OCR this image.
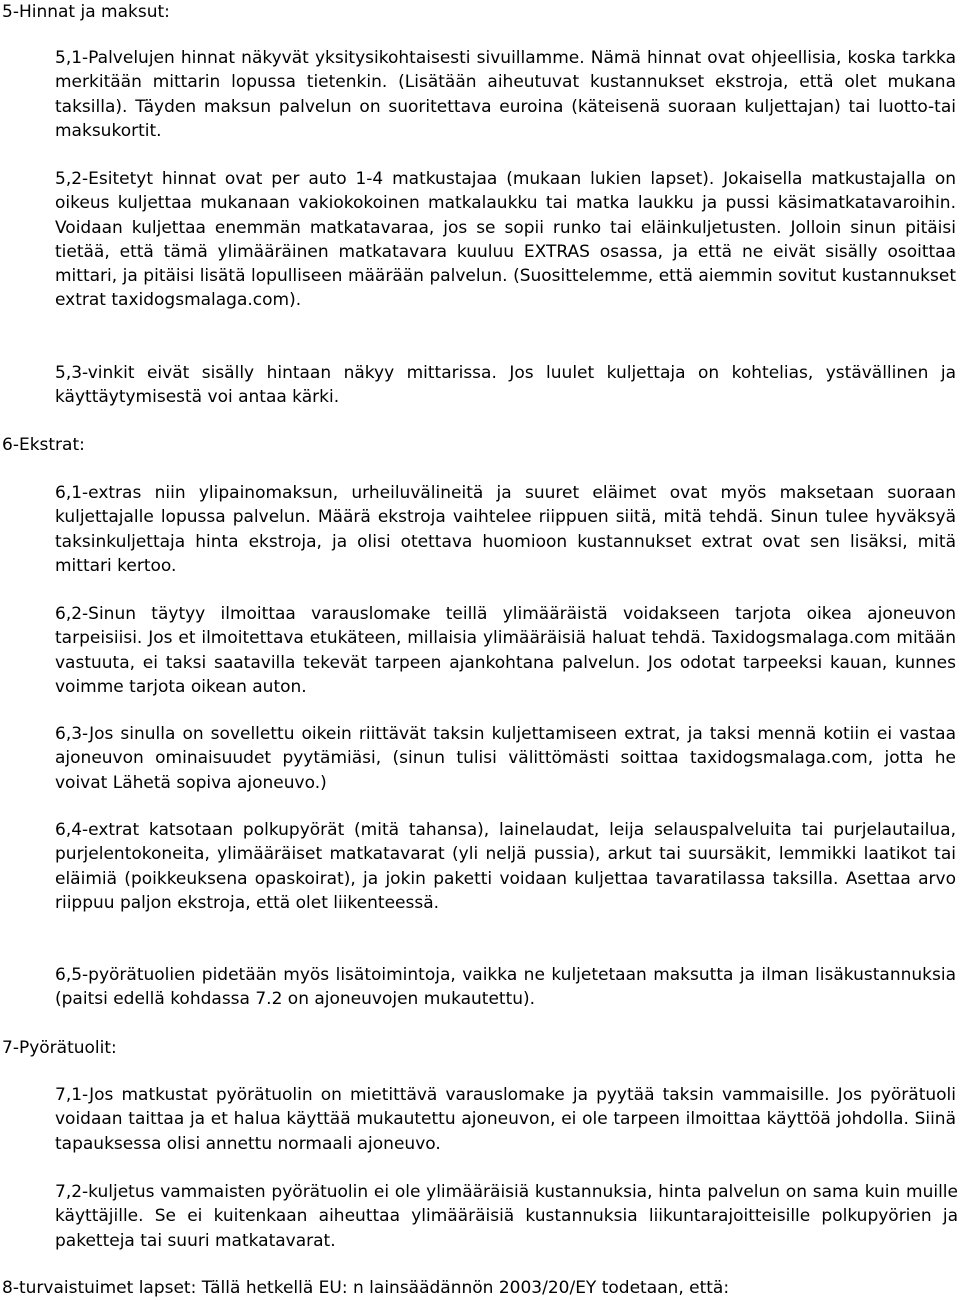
5-Hinnat ja maksut:

5,1-Palvelujen hinnat näkyvät yksitysikohtaisesti sivuillamme. Nämä hinnat ovat ohjeellisia, koska tarkka merkitään mittarin lopussa tietenkin. (Lisätään aiheutuvat kustannukset ekstroja, että olet mukana taksilla). Täyden maksun palvelun on suoritettava euroina (käteisenä suoraan kuljettajan) tai luotto-tai maksukortit.

5,2-Esitetyt hinnat ovat per auto 1-4 matkustajaa (mukaan lukien lapset). Jokaisella matkustajalla on oikeus kuljettaa mukanaan vakiokokoinen matkalaukku tai matka laukku ja pussi käsimatkatavaroihin. Voidaan kuljettaa enemmän matkatavaraa, jos se sopii runko tai eläinkuljetusten. Jolloin sinun pitäisi tietää, että tämä ylimääräinen matkatavara kuuluu EXTRAS osassa, ja että ne eivät sisälly osoittaa mittari, ja pitäisi lisätä lopulliseen määrään palvelun. (Suosittelemme, että aiemmin sovitut kustannukset extrat taxidogsmalaga.com).

5,3-vinkit eivät sisälly hintaan näkyy mittarissa. Jos luulet kuljettaja on kohtelias, ystävällinen ja käyttäytymisestä voi antaa kärki.

6-Ekstrat:

6,1-extras niin ylipainomaksun, urheiluvälineitä ja suuret eläimet ovat myös maksetaan suoraan kuljettajalle lopussa palvelun. Määrä ekstroja vaihtelee riippuen siitä, mitä tehdä. Sinun tulee hyväksyä taksinkuljettaja hinta ekstroja, ja olisi otettava huomioon kustannukset extrat ovat sen lisäksi, mitä mittari kertoo.

6,2-Sinun täytyy ilmoittaa varauslomake teillä ylimääräistä voidakseen tarjota oikea ajoneuvon tarpeisiisi. Jos et ilmoitettava etukäteen, millaisia ylimääräisiä haluat tehdä. Taxidogsmalaga.com mitään vastuuta, ei taksi saatavilla tekevät tarpeen ajankohtana palvelun. Jos odotat tarpeeksi kauan, kunnes voimme tarjota oikean auton.

6,3-Jos sinulla on sovellettu oikein riittävät taksin kuljettamiseen extrat, ja taksi mennä kotiin ei vastaa ajoneuvon ominaisuudet pyytämiäsi, (sinun tulisi välittömästi soittaa taxidogsmalaga.com, jotta he voivat Lähetä sopiva ajoneuvo.)

6,4-extrat katsotaan polkupyörät (mitä tahansa), lainelaudat, leija selauspalveluita tai purjelautailua, purjelentokoneita, ylimääräiset matkatavarat (yli neljä pussia), arkut tai suursäkit, lemmikki laatikot tai eläimiä (poikkeuksena opaskoirat), ja jokin paketti voidaan kuljettaa tavaratilassa taksilla. Asettaa arvo riippuu paljon ekstroja, että olet liikenteessä.

6,5-pyörätuolien pidetään myös lisätoimintoja, vaikka ne kuljetetaan maksutta ja ilman lisäkustannuksia (paitsi edellä kohdassa 7.2 on ajoneuvojen mukautettu).

7-Pyörätuolit:

7,1-Jos matkustat pyörätuolin on mietittävä varauslomake ja pyytää taksin vammaisille. Jos pyörätuoli voidaan taittaa ja et halua käyttää mukautettu ajoneuvon, ei ole tarpeen ilmoittaa käyttöä johdolla. Siinä tapauksessa olisi annettu normaali ajoneuvo.

7,2-kuljetus vammaisten pyörätuolin ei ole ylimääräisiä kustannuksia, hinta palvelun on sama kuin muille käyttäjille. Se ei kuitenkaan aiheuttaa ylimääräisiä kustannuksia liikuntarajoitteisille polkupyörien ja paketteja tai suuri matkatavarat.

8-turvaistuimet lapset: Tällä hetkellä EU: n lainsäädännön 2003/20/EY todetaan, että:
